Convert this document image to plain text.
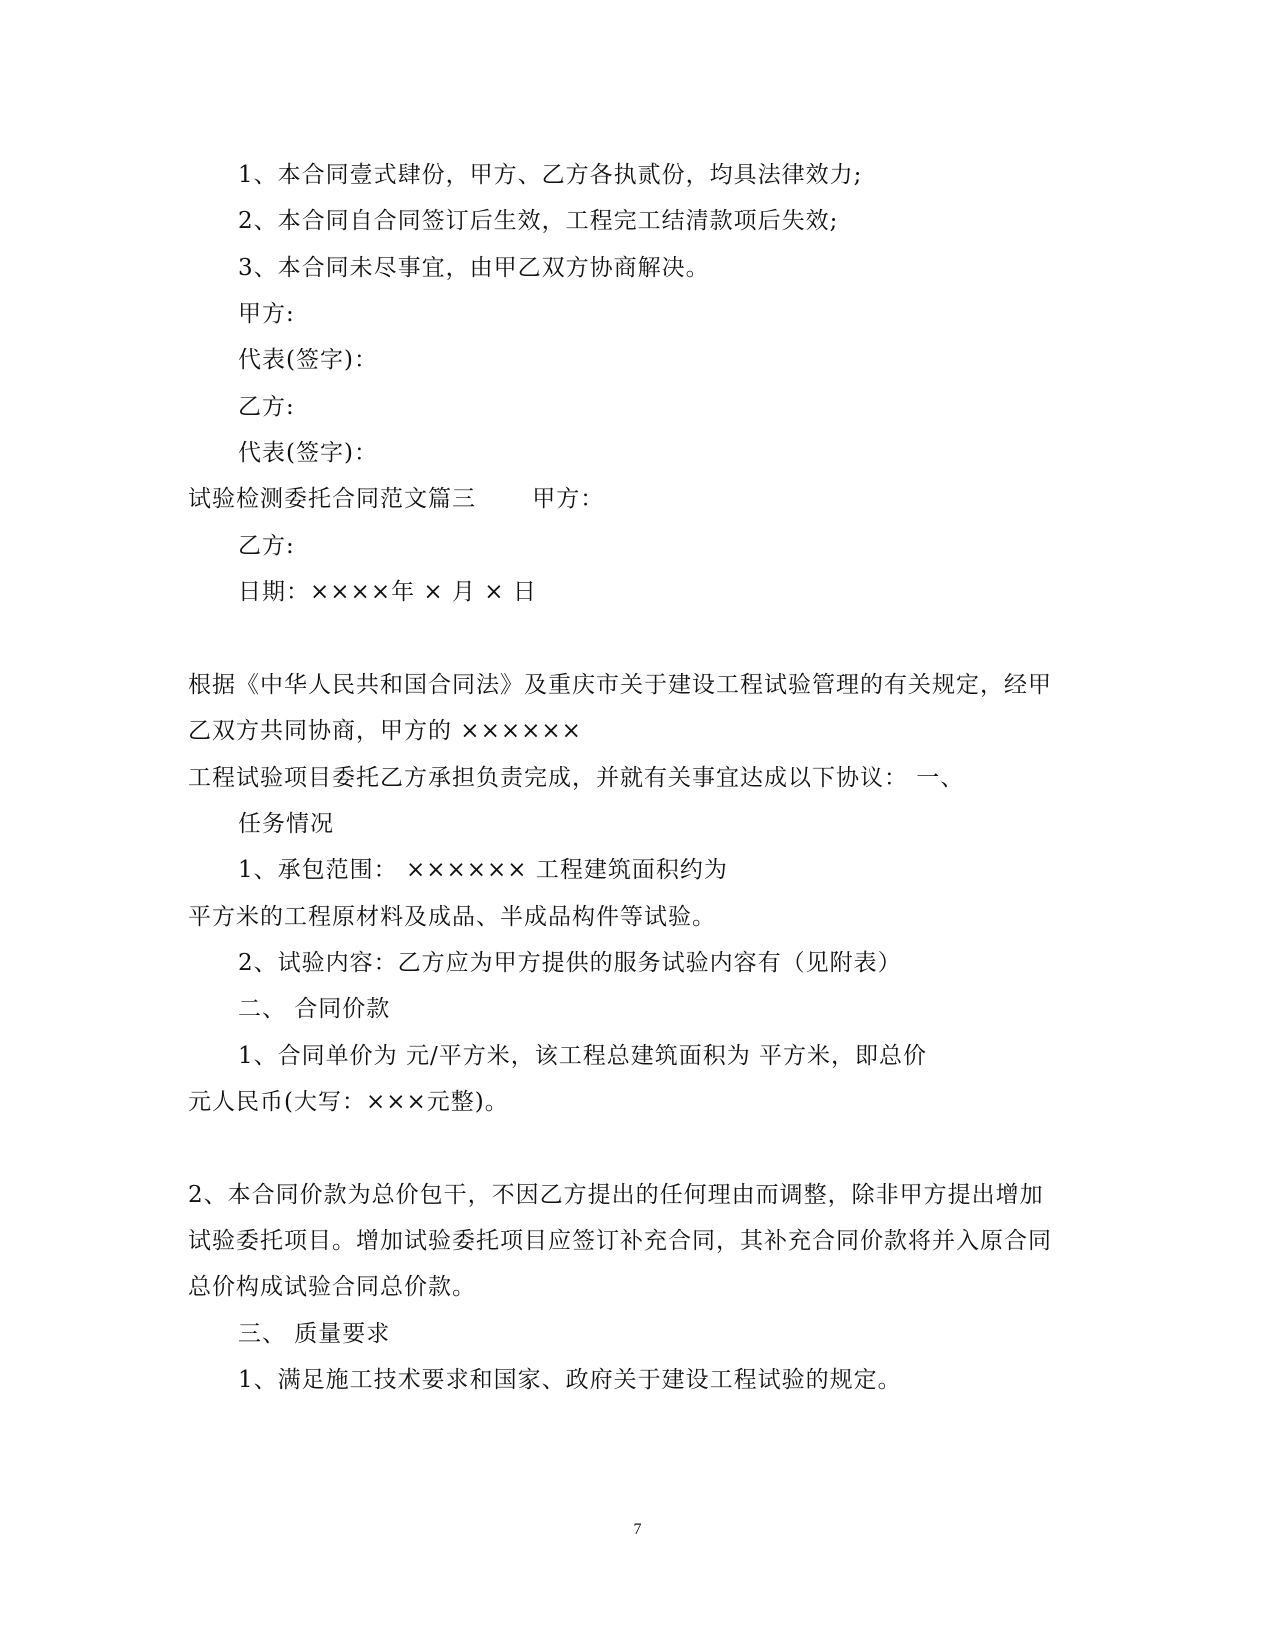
1、本合同壹式肆份，甲方、乙方各执贰份，均具法律效力;
2、本合同自合同签订后生效，工程完工结清款项后失效;
3、本合同未尽事宜，由甲乙双方协商解决。
甲方:
代表(签字)：
乙方:
代表(签字)：
试验检测委托合同范文篇三　　 甲方：
乙方:
日期：××××年 × 月 × 日
根据《中华人民共和国合同法》及重庆市关于建设工程试验管理的有关规定，经甲
乙双方共同协商，甲方的 ××××××
工程试验项目委托乙方承担负责完成，并就有关事宜达成以下协议： 一、
任务情况
1、承包范围： ×××××× 工程建筑面积约为
平方米的工程原材料及成品、半成品构件等试验。
2、试验内容：乙方应为甲方提供的服务试验内容有（见附表）
二、 合同价款
1、合同单价为 元/平方米，该工程总建筑面积为 平方米，即总价
元人民币(大写：×××元整)。
2、本合同价款为总价包干，不因乙方提出的任何理由而调整，除非甲方提出增加
试验委托项目。增加试验委托项目应签订补充合同，其补充合同价款将并入原合同
总价构成试验合同总价款。
三、 质量要求
1、满足施工技术要求和国家、政府关于建设工程试验的规定。
7
